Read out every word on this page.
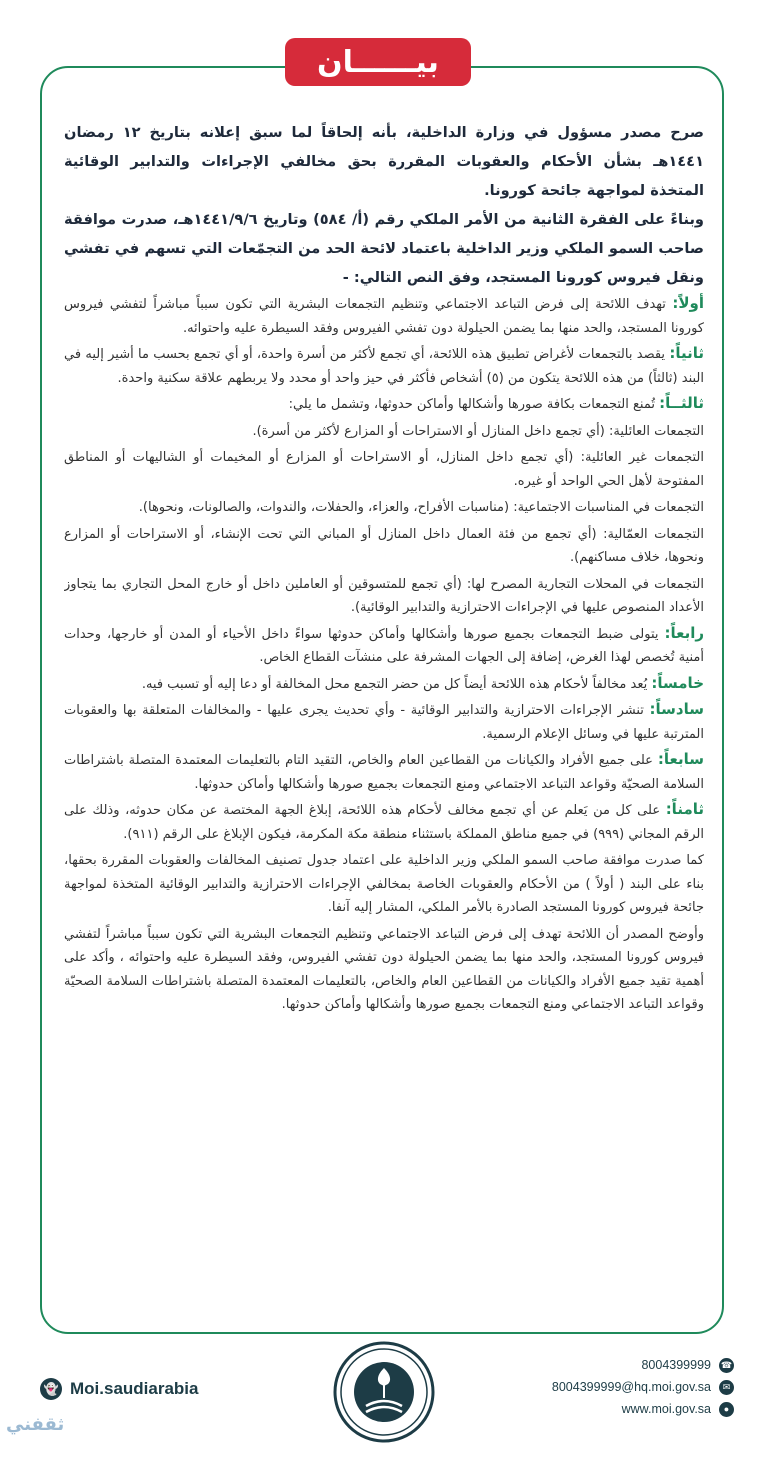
بيــــــان

صرح مصدر مسؤول في وزارة الداخلية، بأنه إلحاقاً لما سبق إعلانه بتاريخ ١٢ رمضان ١٤٤١هـ بشأن الأحكام والعقوبات المقررة بحق مخالفي الإجراءات والتدابير الوقائية المتخذة لمواجهة جائحة كورونا.

وبناءً على الفقرة الثانية من الأمر الملكي رقم (أ/ ٥٨٤) وتاريخ ١٤٤١/٩/٦هـ، صدرت موافقة صاحب السمو الملكي وزير الداخلية باعتماد لائحة الحد من التجمّعات التي تسهم في تفشي ونقل فيروس كورونا المستجد، وفق النص التالي: -

أولاً: تهدف اللائحة إلى فرض التباعد الاجتماعي وتنظيم التجمعات البشرية التي تكون سبباً مباشراً لتفشي فيروس كورونا المستجد، والحد منها بما يضمن الحيلولة دون تفشي الفيروس وفقد السيطرة عليه واحتوائه.

ثانياً: يقصد بالتجمعات لأغراض تطبيق هذه اللائحة، أي تجمع لأكثر من أسرة واحدة، أو أي تجمع بحسب ما أشير إليه في البند (ثالثاً) من هذه اللائحة يتكون من (٥) أشخاص فأكثر في حيز واحد أو محدد ولا يربطهم علاقة سكنية واحدة.

ثالثــاً: تُمنع التجمعات بكافة صورها وأشكالها وأماكن حدوثها، وتشمل ما يلي:

التجمعات العائلية: (أي تجمع داخل المنازل أو الاستراحات أو المزارع لأكثر من أسرة).

التجمعات غير العائلية: (أي تجمع داخل المنازل، أو الاستراحات أو المزارع أو المخيمات أو الشاليهات أو المناطق المفتوحة لأهل الحي الواحد أو غيره.

التجمعات في المناسبات الاجتماعية: (مناسبات الأفراح، والعزاء، والحفلات، والندوات، والصالونات، ونحوها).

التجمعات العمّالية: (أي تجمع من فئة العمال داخل المنازل أو المباني التي تحت الإنشاء، أو الاستراحات أو المزارع ونحوها، خلاف مساكنهم).

التجمعات في المحلات التجارية المصرح لها: (أي تجمع للمتسوقين أو العاملين داخل أو خارج المحل التجاري بما يتجاوز الأعداد المنصوص عليها في الإجراءات الاحترازية والتدابير الوقائية).

رابعاً: يتولى ضبط التجمعات بجميع صورها وأشكالها وأماكن حدوثها سواءً داخل الأحياء أو المدن أو خارجها، وحدات أمنية تُخصص لهذا الغرض، إضافة إلى الجهات المشرفة على منشآت القطاع الخاص.

خامساً: يُعد مخالفاً لأحكام هذه اللائحة أيضاً كل من حضر التجمع محل المخالفة أو دعا إليه أو تسبب فيه.

سادساً: تنشر الإجراءات الاحترازية والتدابير الوقائية - وأي تحديث يجرى عليها - والمخالفات المتعلقة بها والعقوبات المترتبة عليها في وسائل الإعلام الرسمية.

سابعاً: على جميع الأفراد والكيانات من القطاعين العام والخاص، التقيد التام بالتعليمات المعتمدة المتصلة باشتراطات السلامة الصحيّة وقواعد التباعد الاجتماعي ومنع التجمعات بجميع صورها وأشكالها وأماكن حدوثها.

ثامناً: على كل من يَعلم عن أي تجمع مخالف لأحكام هذه اللائحة، إبلاغ الجهة المختصة عن مكان حدوثه، وذلك على الرقم المجاني (٩٩٩) في جميع مناطق المملكة باستثناء منطقة مكة المكرمة، فيكون الإبلاغ على الرقم (٩١١).

كما صدرت موافقة صاحب السمو الملكي وزير الداخلية على اعتماد جدول تصنيف المخالفات والعقوبات المقررة بحقها، بناء على البند ( أولاً ) من الأحكام والعقوبات الخاصة بمخالفي الإجراءات الاحترازية والتدابير الوقائية المتخذة لمواجهة جائحة فيروس كورونا المستجد الصادرة بالأمر الملكي، المشار إليه آنفا.

وأوضح المصدر أن اللائحة تهدف إلى فرض التباعد الاجتماعي وتنظيم التجمعات البشرية التي تكون سبباً مباشراً لتفشي فيروس كورونا المستجد، والحد منها بما يضمن الحيلولة دون تفشي الفيروس، وفقد السيطرة عليه واحتوائه ، وأكد على أهمية تقيد جميع الأفراد والكيانات من القطاعين العام والخاص، بالتعليمات المعتمدة المتصلة باشتراطات السلامة الصحيّة وقواعد التباعد الاجتماعي ومنع التجمعات بجميع صورها وأشكالها وأماكن حدوثها.

👻 Moi.saudiarabia
8004399999 ☎
8004399999@hq.moi.gov.sa	✉
www.moi.gov.sa	●
ثقفني
